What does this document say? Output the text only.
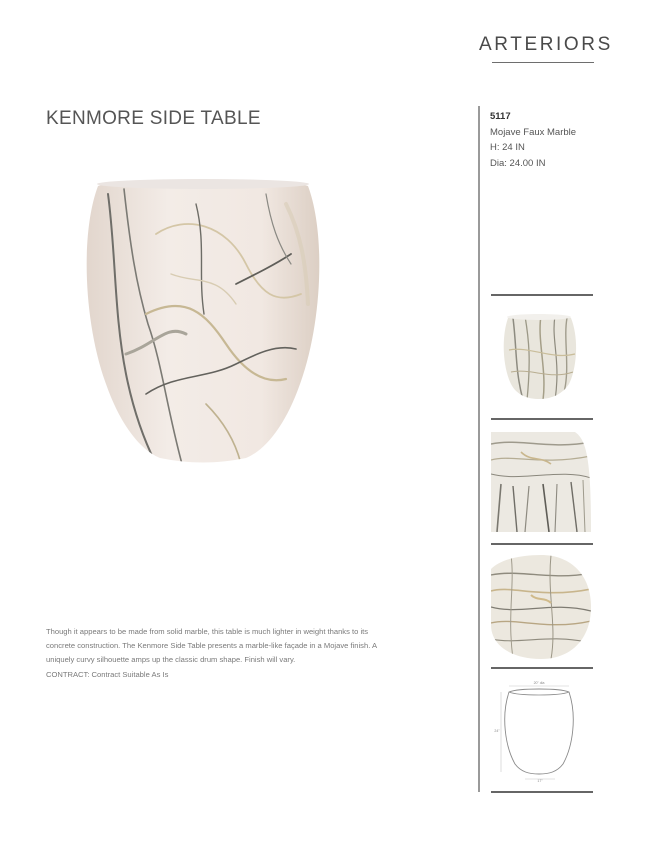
ARTERIORS
KENMORE SIDE TABLE	5117
Mojave Faux Marble
H: 24 IN
Dia: 24.00 IN
20" dia
24"
17"

Though it appears to be made from solid marble, this table is much lighter in weight thanks to its concrete construction. The Kenmore Side Table presents a marble-like façade in a Mojave finish. A uniquely curvy silhouette amps up the classic drum shape. Finish will vary.

CONTRACT: Contract Suitable As Is
